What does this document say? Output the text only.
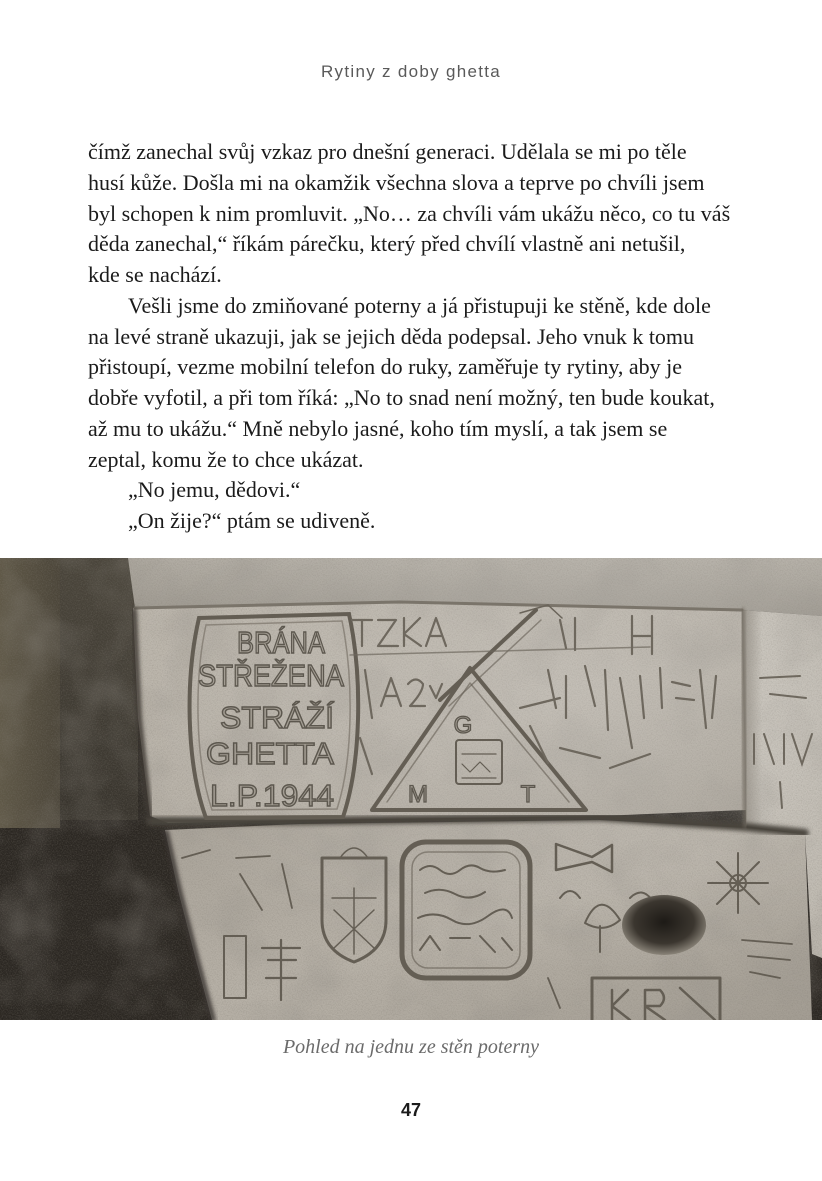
Rytiny z doby ghetta
čímž zanechal svůj vzkaz pro dnešní generaci. Udělala se mi po těle
husí kůže. Došla mi na okamžik všechna slova a teprve po chvíli jsem
byl schopen k nim promluvit. „No… za chvíli vám ukážu něco, co tu váš
děda zanechal,“ říkám párečku, který před chvílí vlastně ani netušil,
kde se nachází.
Vešli jsme do zmiňované poterny a já přistupuji ke stěně, kde dole
na levé straně ukazuji, jak se jejich děda podepsal. Jeho vnuk k tomu
přistoupí, vezme mobilní telefon do ruky, zaměřuje ty rytiny, aby je
dobře vyfotil, a při tom říká: „No to snad není možný, ten bude koukat,
až mu to ukážu.“ Mně nebylo jasné, koho tím myslí, a tak jsem se
zeptal, komu že to chce ukázat.
„No jemu, dědovi.“
„On žije?“ ptám se udiveně.
BRÁNA
STŘEŽENA
STRÁŽÍ
GHETTA
L.P.1944
G
M	T
Pohled na jednu ze stěn poterny
47
